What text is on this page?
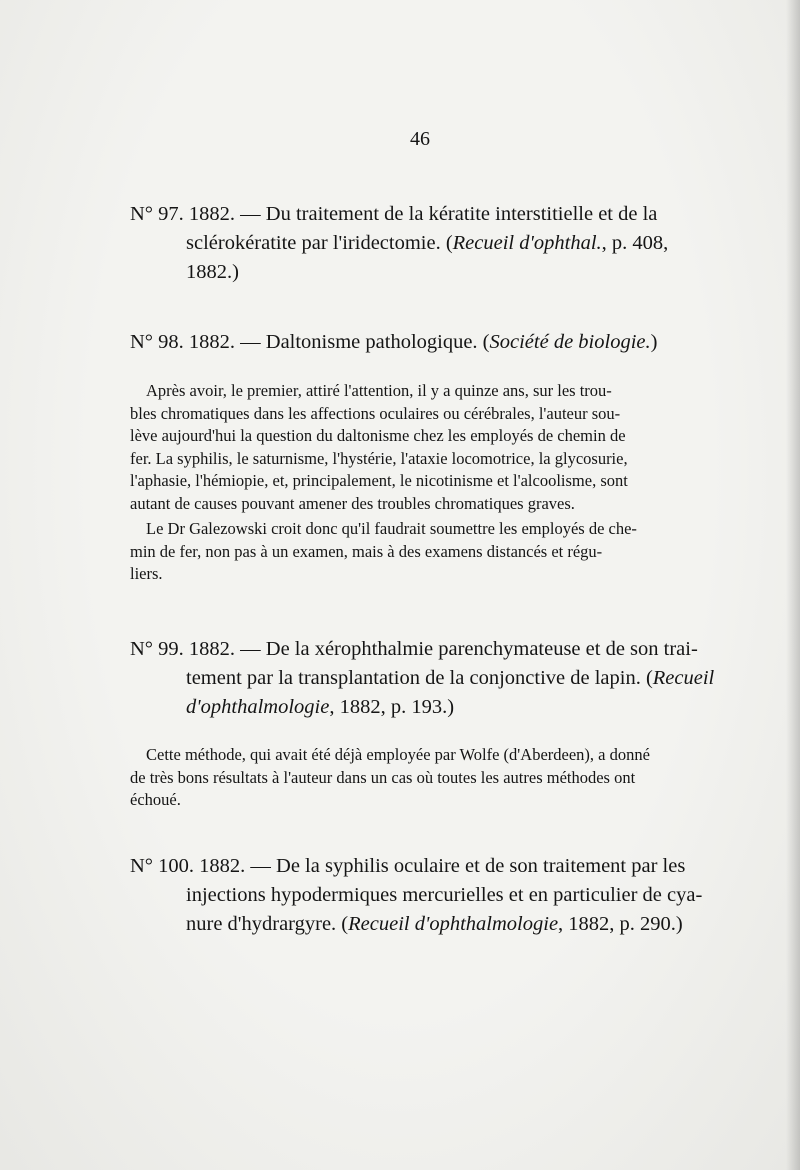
46
N° 97. 1882. — Du traitement de la kératite interstitielle et de la
sclérokératite par l'iridectomie. (Recueil d'ophthal., p. 408,
1882.)
N° 98. 1882. — Daltonisme pathologique. (Société de biologie.)
Après avoir, le premier, attiré l'attention, il y a quinze ans, sur les trou-
bles chromatiques dans les affections oculaires ou cérébrales, l'auteur sou-
lève aujourd'hui la question du daltonisme chez les employés de chemin de
fer. La syphilis, le saturnisme, l'hystérie, l'ataxie locomotrice, la glycosurie,
l'aphasie, l'hémiopie, et, principalement, le nicotinisme et l'alcoolisme, sont
autant de causes pouvant amener des troubles chromatiques graves.
Le Dr Galezowski croit donc qu'il faudrait soumettre les employés de che-
min de fer, non pas à un examen, mais à des examens distancés et régu-
liers.
N° 99. 1882. — De la xérophthalmie parenchymateuse et de son trai-
tement par la transplantation de la conjonctive de lapin. (Recueil
d'ophthalmologie, 1882, p. 193.)
Cette méthode, qui avait été déjà employée par Wolfe (d'Aberdeen), a donné
de très bons résultats à l'auteur dans un cas où toutes les autres méthodes ont
échoué.
N° 100. 1882. — De la syphilis oculaire et de son traitement par les
injections hypodermiques mercurielles et en particulier de cya-
nure d'hydrargyre. (Recueil d'ophthalmologie, 1882, p. 290.)
